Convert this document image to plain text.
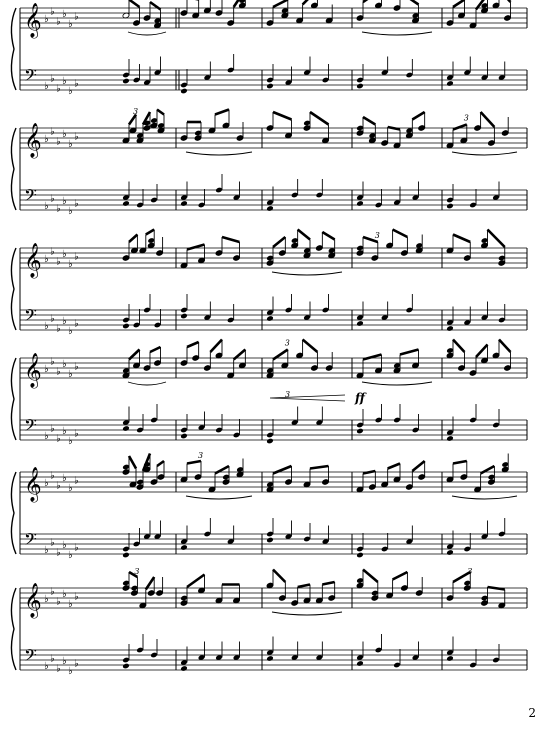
𝄞 ♭
♭
♭
♭
♭
♭
𝄢 ♭
♭
♭
♭
♭
♭
𝄞 ♭
♭
♭
♭
♭
♭
𝄢 ♭
♭
♭
♭
♭
♭
3
3
𝄞 ♭
♭
♭
♭
♭
♭
𝄢 ♭
♭
♭
♭
♭
♭
3
𝄞 ♭
♭
♭
♭
♭
♭
𝄢 ♭
♭
♭
♭
♭
♭
3
𝄞 ♭
♭
♭
♭
♭
♭
𝄢 ♭
♭
♭
♭
♭
♭
3
𝄞 ♭
♭
♭
♭
♭
♭
𝄢 ♭
♭
♭
♭
♭
♭
3	3
3	ff
2
